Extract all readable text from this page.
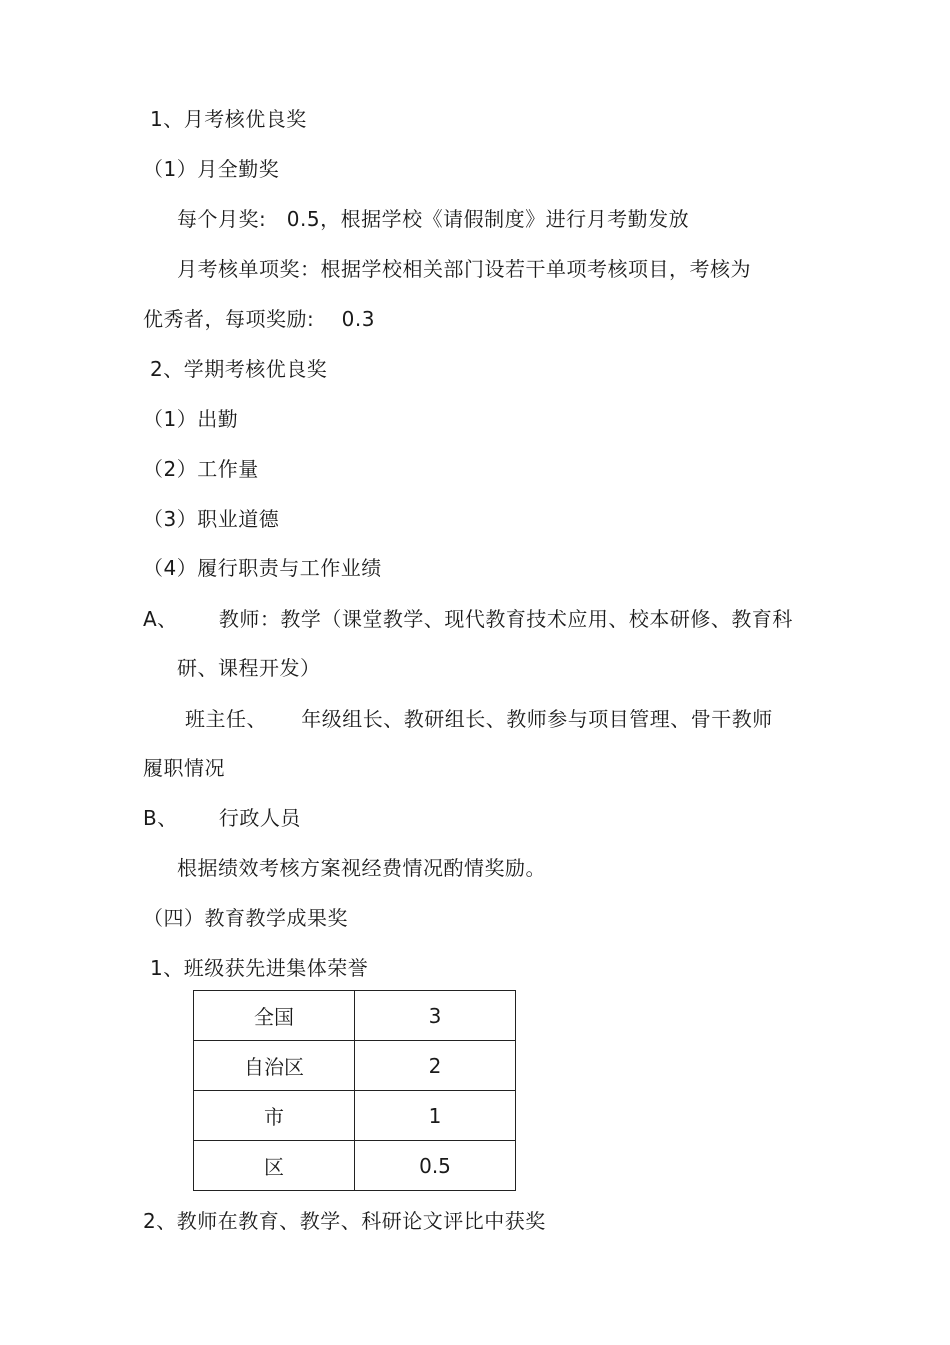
1、月考核优良奖
（1）月全勤奖
每个月奖:   0.5，根据学校《请假制度》进行月考勤发放
月考核单项奖：根据学校相关部门设若干单项考核项目，考核为
优秀者，每项奖励:    0.3
2、学期考核优良奖
（1）出勤
（2）工作量
（3）职业道德
（4）履行职责与工作业绩
A、      教师：教学（课堂教学、现代教育技术应用、校本研修、教育科
研、课程开发）
班主任、     年级组长、教研组长、教师参与项目管理、骨干教师
履职情况
B、      行政人员
根据绩效考核方案视经费情况酌情奖励。
（四）教育教学成果奖
1、班级获先进集体荣誉
全国	3
自治区	2
市	1
区	0.5
2、教师在教育、教学、科研论文评比中获奖
